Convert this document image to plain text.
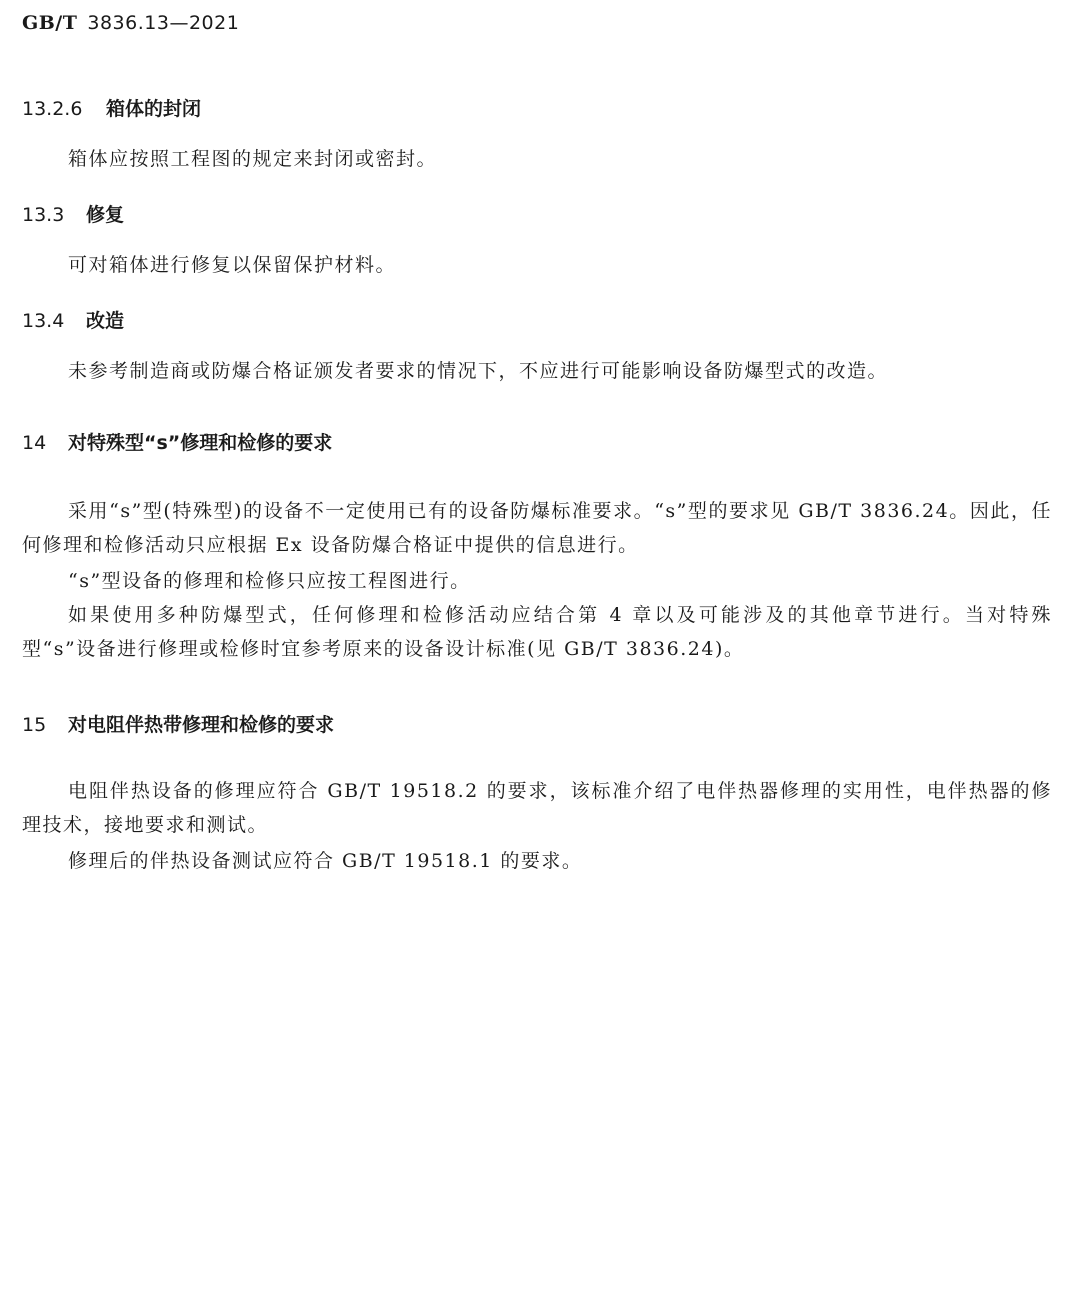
GB/T 3836.13—2021
13.2.6 箱体的封闭
箱体应按照工程图的规定来封闭或密封。
13.3 修复
可对箱体进行修复以保留保护材料。
13.4 改造
未参考制造商或防爆合格证颁发者要求的情况下，不应进行可能影响设备防爆型式的改造。
14 对特殊型“s”修理和检修的要求
采用“s”型(特殊型)的设备不一定使用已有的设备防爆标准要求。“s”型的要求见 GB/T 3836.24。因此，任何修理和检修活动只应根据 Ex 设备防爆合格证中提供的信息进行。
“s”型设备的修理和检修只应按工程图进行。
如果使用多种防爆型式，任何修理和检修活动应结合第 4 章以及可能涉及的其他章节进行。当对特殊型“s”设备进行修理或检修时宜参考原来的设备设计标准(见 GB/T 3836.24)。
15 对电阻伴热带修理和检修的要求
电阻伴热设备的修理应符合 GB/T 19518.2 的要求，该标准介绍了电伴热器修理的实用性，电伴热器的修理技术，接地要求和测试。
修理后的伴热设备测试应符合 GB/T 19518.1 的要求。
